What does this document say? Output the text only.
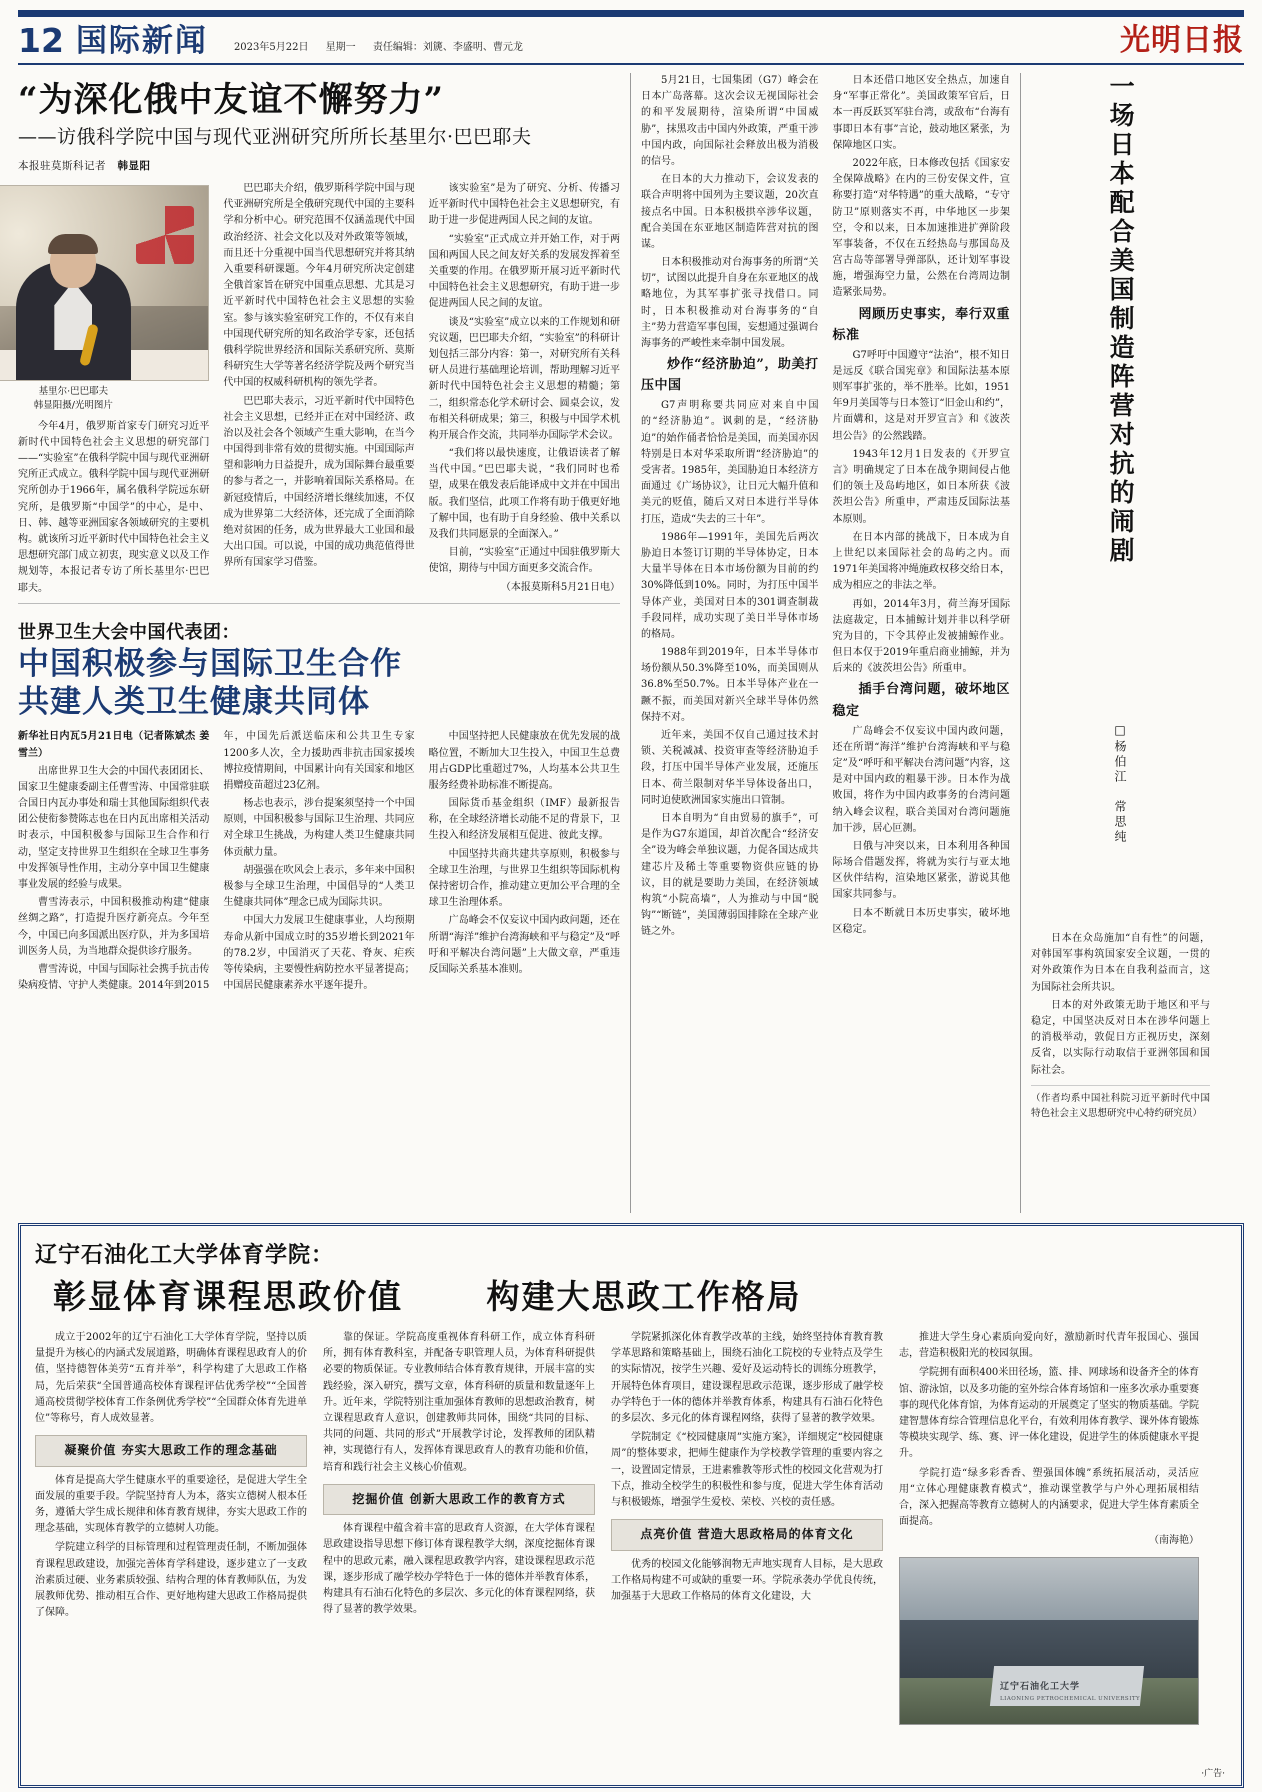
12 国际新闻	2023年5月22日 星期一 责任编辑：刘篪、李盛明、曹元龙	光明日报
“为深化俄中友谊不懈努力”
——访俄科学院中国与现代亚洲研究所所长基里尔·巴巴耶夫
本报驻莫斯科记者 韩显阳
基里尔·巴巴耶夫
韩显阳摄/光明图片

今年4月，俄罗斯首家专门研究习近平新时代中国特色社会主义思想的研究部门——“实验室”在俄科学院中国与现代亚洲研究所正式成立。俄科学院中国与现代亚洲研究所创办于1966年，属名俄科学院远东研究所，是俄罗斯“中国学”的中心，是中、日、韩、越等亚洲国家各领域研究的主要机构。就该所习近平新时代中国特色社会主义思想研究部门成立初衷，现实意义以及工作规划等，本报记者专访了所长基里尔·巴巴耶夫。

巴巴耶夫介绍，俄罗斯科学院中国与现代亚洲研究所是全俄研究现代中国的主要科学和分析中心。研究范围不仅涵盖现代中国政治经济、社会文化以及对外政策等领域，而且还十分重视中国当代思想研究并将其纳入重要科研课题。今年4月研究所决定创建全俄首家旨在研究中国重点思想、尤其是习近平新时代中国特色社会主义思想的实验室。参与该实验室研究工作的，不仅有来自中国现代研究所的知名政治学专家，还包括俄科学院世界经济和国际关系研究所、莫斯科研究生大学等著名经济学院及两个研究当代中国的权威科研机构的领先学者。

巴巴耶夫表示，习近平新时代中国特色社会主义思想，已经并正在对中国经济、政治以及社会各个领域产生重大影响，在当今中国得到非常有效的贯彻实施。中国国际声望和影响力日益提升，成为国际舞台最重要的参与者之一，并影响着国际关系格局。在新冠疫情后，中国经济增长继续加速，不仅成为世界第二大经济体，还完成了全面消除绝对贫困的任务，成为世界最大工业国和最大出口国。可以说，中国的成功典范值得世界所有国家学习借鉴。

该实验室”是为了研究、分析、传播习近平新时代中国特色社会主义思想研究，有助于进一步促进两国人民之间的友谊。

“实验室”正式成立并开始工作，对于两国和两国人民之间友好关系的发展发挥着至关重要的作用。在俄罗斯开展习近平新时代中国特色社会主义思想研究，有助于进一步促进两国人民之间的友谊。

谈及“实验室”成立以来的工作规划和研究议题，巴巴耶夫介绍，“实验室”的科研计划包括三部分内容：第一，对研究所有关科研人员进行基础理论培训，帮助理解习近平新时代中国特色社会主义思想的精髓；第二，组织常态化学术研讨会、圆桌会议，发布相关科研成果；第三，积极与中国学术机构开展合作交流，共同举办国际学术会议。

“我们将以最快速度，让俄语读者了解当代中国。”巴巴耶夫说，“我们同时也希望，成果在俄发表后能译成中文并在中国出版。我们坚信，此项工作将有助于俄更好地了解中国，也有助于自身经验、俄中关系以及我们共同愿景的全面深入。”

目前，“实验室”正通过中国驻俄罗斯大使馆，期待与中国方面更多交流合作。

（本报莫斯科5月21日电）

世界卫生大会中国代表团：
中国积极参与国际卫生合作
共建人类卫生健康共同体

新华社日内瓦5月21日电（记者陈斌杰 姜雪兰）

出席世界卫生大会的中国代表团团长、国家卫生健康委副主任曹雪涛、中国常驻联合国日内瓦办事处和瑞士其他国际组织代表团公使衔参赞陈志也在日内瓦出席相关活动时表示，中国积极参与国际卫生合作和行动，坚定支持世界卫生组织在全球卫生事务中发挥领导性作用，主动分享中国卫生健康事业发展的经验与成果。

曹雪涛表示，中国积极推动构建“健康丝绸之路”，打造提升医疗新亮点。今年至今，中国已向多国派出医疗队，并为多国培训医务人员，为当地群众提供诊疗服务。

曹雪涛说，中国与国际社会携手抗击传染病疫情、守护人类健康。2014年到2015年，中国先后派送临床和公共卫生专家1200多人次，全力援助西非抗击国家援埃博拉疫情期间，中国累计向有关国家和地区捐赠疫苗超过23亿剂。

杨忐也表示，涉台提案须坚持一个中国原则，中国积极参与国际卫生治理、共同应对全球卫生挑战，为构建人类卫生健康共同体贡献力量。

胡强强在吹风会上表示，多年来中国积极参与全球卫生治理，中国倡导的“人类卫生健康共同体”理念已成为国际共识。

中国大力发展卫生健康事业，人均预期寿命从新中国成立时的35岁增长到2021年的78.2岁，中国消灭了天花、脊灰、疟疾等传染病，主要慢性病防控水平显著提高；中国居民健康素养水平逐年提升。

中国坚持把人民健康放在优先发展的战略位置，不断加大卫生投入，中国卫生总费用占GDP比重超过7%，人均基本公共卫生服务经费补助标准不断提高。

国际货币基金组织（IMF）最新报告称，在全球经济增长动能不足的背景下，卫生投入和经济发展相互促进、彼此支撑。

中国坚持共商共建共享原则，积极参与全球卫生治理，与世界卫生组织等国际机构保持密切合作，推动建立更加公平合理的全球卫生治理体系。

广岛峰会不仅妄议中国内政问题，还在所谓“海洋”维护台湾海峡和平与稳定”及“呼吁和平解决台湾问题”上大做文章，严重违反国际关系基本准则。

5月21日，七国集团（G7）峰会在日本广岛落幕。这次会议无视国际社会的和平发展期待，渲染所谓“中国威胁”，抹黑攻击中国内外政策，严重干涉中国内政，向国际社会释放出极为消极的信号。

在日本的大力推动下，会议发表的联合声明将中国列为主要议题，20次直接点名中国。日本积极拱卒涉华议题，配合美国在东亚地区制造阵营对抗的图谋。

日本积极推动对台海事务的所谓“关切”，试图以此提升自身在东亚地区的战略地位，为其军事扩张寻找借口。同时，日本积极推动对台海事务的“自主”势力营造军事包围，妄想通过强调台海事务的严峻性来牵制中国发展。

炒作“经济胁迫”，助美打压中国

G7声明称要共同应对来自中国的“经济胁迫”。讽刺的是，“经济胁迫”的始作俑者恰恰是美国，而美国亦因特别是日本对华采取所谓“经济胁迫”的受害者。1985年，美国胁迫日本经济方面通过《广场协议》，让日元大幅升值和美元的贬值，随后又对日本进行半导体打压，造成“失去的三十年”。

1986年—1991年，美国先后两次胁迫日本签订订期的半导体协定，日本大量半导体在日本市场份额为目前的约30%降低到10%。同时，为打压中国半导体产业，美国对日本的301调查制裁手段同样，成功实现了美日半导体市场的格局。

1988年到2019年，日本半导体市场份额从50.3%降至10%，而美国则从36.8%至50.7%。日本半导体产业在一蹶不振，而美国对新兴全球半导体仍然保持不对。

近年来，美国不仅自己通过技术封锁、关税减减、投资审查等经济胁迫手段，打压中国半导体产业发展，还施压日本、荷兰限制对华半导体设备出口，同时迫使欧洲国家实施出口管制。

日本自明为“自由贸易的旗手”，可是作为G7东道国，却首次配合“经济安全”设为峰会单独议题，力促各国达成共建芯片及稀土等重要物资供应链的协议，目的就是要助力美国，在经济领域构筑“小院高墙”，人为推动与中国“脱钩”“断链”，美国薄弱国排除在全球产业链之外。

日本还借口地区安全热点，加速自身“军事正常化”。美国政策军官后，日本一再反跃冥军驻台湾，或敌布“台海有事即日本有事”言论，鼓动地区紧张，为保障地区口实。

2022年底，日本修改包括《国家安全保障战略》在内的三份安保文件，宣称要打造“对华特遇”的重大战略，“专守防卫”原则落实不再，中华地区一步架空，令和以来，日本加速推进扩弹阶段军事装备，不仅在五经热岛与那国岛及宫古岛等部署导弹部队，还计划军事设施，增强海空力量，公然在台湾周边制造紧张局势。

罔顾历史事实，奉行双重标准

G7呼吁中国遵守“法治”，根不知日是远反《联合国宪章》和国际法基本原则军事扩张的，举不胜举。比如，1951年9月美国等与日本签订“旧金山和约”，片面媾和，这是对开罗宣言》和《波茨坦公告》的公然践踏。

1943年12月1日发表的《开罗宣言》明确规定了日本在战争期间侵占他们的领土及岛屿地区，如日本所获《波茨坦公告》所重申，严肃违反国际法基本原则。

在日本内部的挑战下，日本成为自上世纪以来国际社会的岛屿之内。而1971年美国将冲绳施政权移交给日本，成为相应之的非法之举。

再如，2014年3月，荷兰海牙国际法庭裁定，日本捕鲸计划并非以科学研究为目的，下令其停止发被捕鲸作业。但日本仅于2019年重启商业捕鲸，并为后来的《波茨坦公告》所重申。

插手台湾问题，破坏地区稳定

广岛峰会不仅妄议中国内政问题，还在所谓“海洋”维护台湾海峡和平与稳定”及“呼吁和平解决台湾问题”内容，这是对中国内政的粗暴干涉。日本作为战败国，将作为中国内政事务的台湾问题纳入峰会议程，联合美国对台湾问题施加干涉，居心叵测。

日俄与冲突以来，日本利用各种国际场合借题发挥，将就为实行与亚太地区伙伴结构，渲染地区紧张，游说其他国家共同参与。

日本不断就日本历史事实，破坏地区稳定。

一场日本配合美国制造阵营对抗的闹剧
□杨伯江　常思纯

日本在众岛施加“自有性”的问题，对韩国军事构筑国家安全议题，一贯的对外政策作为日本在自我利益而言，这为国际社会所共识。

日本的对外政策无助于地区和平与稳定，中国坚决反对日本在涉华问题上的消极举动，敦促日方正视历史，深刻反省，以实际行动取信于亚洲邻国和国际社会。

（作者均系中国社科院习近平新时代中国特色社会主义思想研究中心特约研究员）
辽宁石油化工大学体育学院：
彰显体育课程思政价值　　	构建大思政工作格局

成立于2002年的辽宁石油化工大学体育学院，坚持以质量提升为核心的内涵式发展道路，明确体育课程思政育人的价值，坚持德智体美劳“五育并举”，科学构建了大思政工作格局，先后荣获“全国普通高校体育课程评估优秀学校”“全国普通高校贯彻学校体育工作条例优秀学校”“全国群众体育先进单位”等称号，育人成效显著。

凝聚价值 夯实大思政工作的理念基础

体育是提高大学生健康水平的重要途径，是促进大学生全面发展的重要手段。学院坚持育人为本，落实立德树人根本任务，遵循大学生成长规律和体育教育规律，夯实大思政工作的理念基础，实现体育教学的立德树人功能。

学院建立科学的目标管理和过程管理责任制，不断加强体育课程思政建设，加强完善体育学科建设，逐步建立了一支政治素质过硬、业务素质较强、结构合理的体育教师队伍，为发展教师优势、推动相互合作、更好地构建大思政工作格局提供了保障。

靠的保证。学院高度重视体育科研工作，成立体育科研所，拥有体育教科室，并配备专职管理人员，为体育科研提供必要的物质保证。专业教师结合体育教育规律，开展丰富的实践经验，深入研究，撰写文章，体育科研的质量和数量逐年上升。近年来，学院特别注重加强体育教师的思想政治教育，树立课程思政育人意识，创建教师共同体，围绕“共同的目标、共同的问题、共同的形式”开展教学讨论，发挥教师的团队精神，实现德行有人，发挥体育课思政育人的教育功能和价值，培育和践行社会主义核心价值观。

挖掘价值 创新大思政工作的教育方式

体育课程中蕴含着丰富的思政育人资源，在大学体育课程思政建设指导思想下修订体育课程教学大纲，深度挖掘体育课程中的思政元素，融入课程思政教学内容，建设课程思政示范课，逐步形成了融学校办学特色于一体的德体并举教育体系，构建具有石油石化特色的多层次、多元化的体育课程网络，获得了显著的教学效果。

学院紧抓深化体育教学改革的主线，始终坚持体育教育教学革思路和策略基础上，围绕石油化工院校的专业特点及学生的实际情况，按学生兴趣、爱好及运动特长的训练分班教学，开展特色体育项目，建设课程思政示范课，逐步形成了融学校办学特色于一体的德体并举教育体系，构建具有石油石化特色的多层次、多元化的体育课程网络，获得了显著的教学效果。

学院制定《“校园健康周”实施方案》，详细规定“校园健康周”的整体要求，把师生健康作为学校教学管理的重要内容之一，设置固定情景，王进素雅教等形式性的校园文化营观为打下点，推动全校学生的积极性和参与度，促进大学生体育活动与积极锻炼，增强学生爱校、荣校、兴校的责任感。

点亮价值 营造大思政格局的体育文化

优秀的校园文化能够润物无声地实现育人目标，是大思政工作格局构建不可或缺的重要一环。学院承袭办学优良传统，加强基于大思政工作格局的体育文化建设，大

推进大学生身心素质向爱向好，激励新时代青年报国心、强国志，营造积极阳光的校园氛围。

学院拥有面积400米田径场，篮、排、网球场和设备齐全的体育馆、游泳馆，以及多功能的室外综合体育场馆和一座多次承办重要赛事的现代化体育馆，为体育运动的开展奠定了坚实的物质基础。学院建智慧体育综合管理信息化平台，有效利用体育教学、课外体育锻炼等模块实现学、练、赛、评一体化建设，促进学生的体质健康水平提升。

学院打造“绿多彩香香、塑强国体魄”系统拓展活动，灵活应用“立体心理健康教育模式”，推动课堂教学与户外心理拓展相结合，深入把握高等教育立德树人的内涵要求，促进大学生体育素质全面提高。

（南海艳）

辽宁石油化工大学
LIAONING PETROCHEMICAL UNIVERSITY
·广告·
